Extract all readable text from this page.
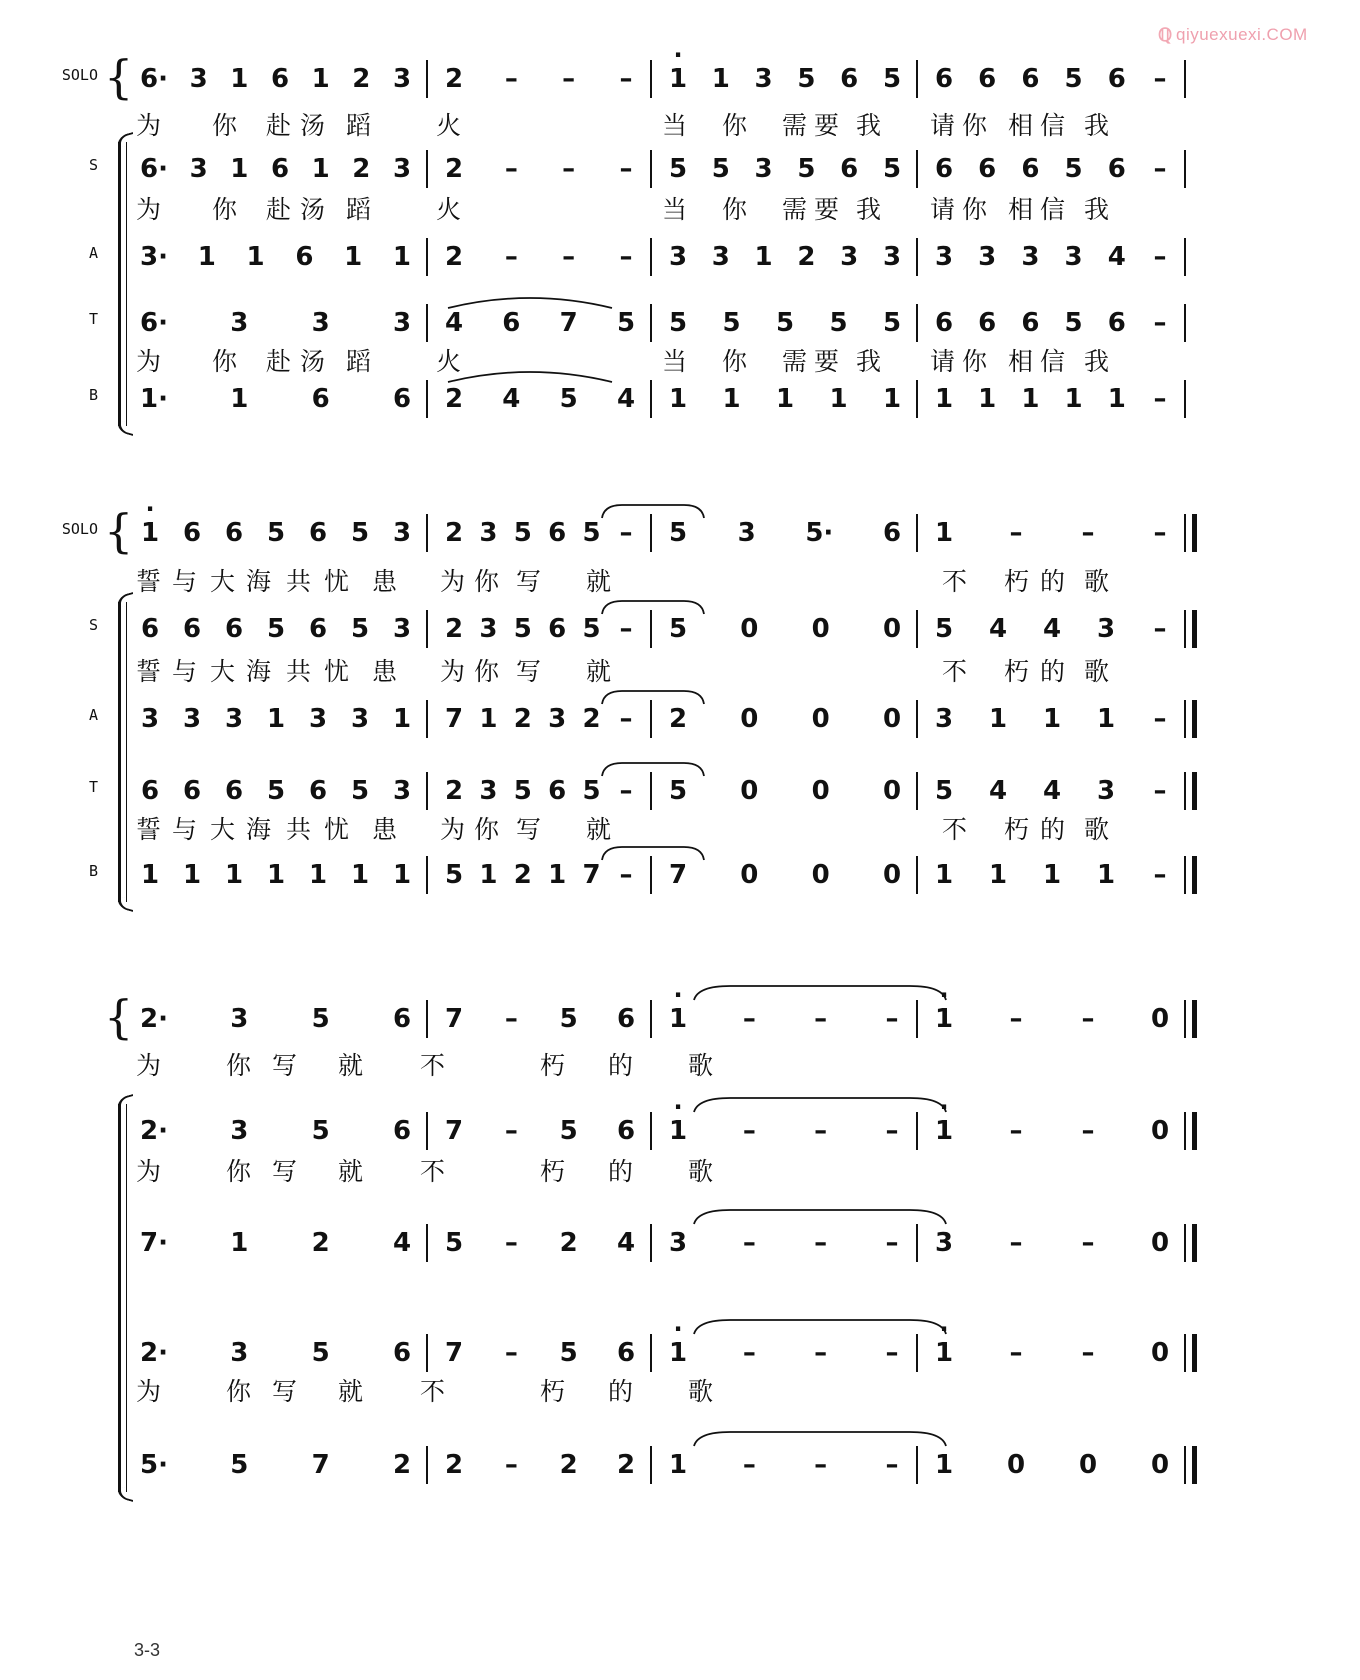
ℚ qiyuexuexi.COM
SOLO
S
A
T
B
{ 6· 3 1 6 1 2 3 2 – – – · 1 1 3 5 6 5 6 6 6 5 6 –
为 你 赴 汤 蹈	火	当 你 需 要 我 请 你 相 信 我
6· 3 1 6 1 2 3 2 – – – 5 5 3 5 6 5 6 6 6 5 6 –
为 你 赴 汤 蹈	火	当 你 需 要 我 请 你 相 信 我
3· 1 1 6 1 1 2 – – – 3 3 1 2 3 3 3 3 3 3 4 –
6· 3 3 3 4 6 7 5 5 5 5 5 5 6 6 6 5 6 –
为 你 赴 汤 蹈	火	当 你 需 要 我 请 你 相 信 我
1· 1 6 6 2 4 5 4 1 1 1 1 1 1 1 1 1 1 –
SOLO
S
A
T
B
{ · 1 6 6 5 6 5 3 2 3 5 6 5 – 5 3 5· 6 1 – – –
誓 与 大 海 共 忧 患 为 你 写 就	不 朽 的 歌
6 6 6 5 6 5 3 2 3 5 6 5 – 5 0 0 0 5 4 4 3 –
誓 与 大 海 共 忧 患 为 你 写 就	不 朽 的 歌
3 3 3 1 3 3 1 7 1 2 3 2 – 2 0 0 0 3 1 1 1 –
6 6 6 5 6 5 3 2 3 5 6 5 – 5 0 0 0 5 4 4 3 –
誓 与 大 海 共 忧 患 为 你 写 就	不 朽 的 歌
1 1 1 1 1 1 1 5 1 2 1 7 – 7 0 0 0 1 1 1 1 –
{ 2· 3 5 6 7 – 5 6 · 1 – – – · 1 – – 0
为	你 写 就 不	朽 的 歌
2· 3 5 6 7 – 5 6 · 1 – – – · 1 – – 0
为	你 写 就 不	朽 的 歌
7· 1 2 4 5 – 2 4 3 – – – 3 – – 0
2· 3 5 6 7 – 5 6 · 1 – – – · 1 – – 0
为	你 写 就 不	朽 的 歌
5· 5 7 2 2 – 2 2 1 – – – 1 0 0 0
3-3
